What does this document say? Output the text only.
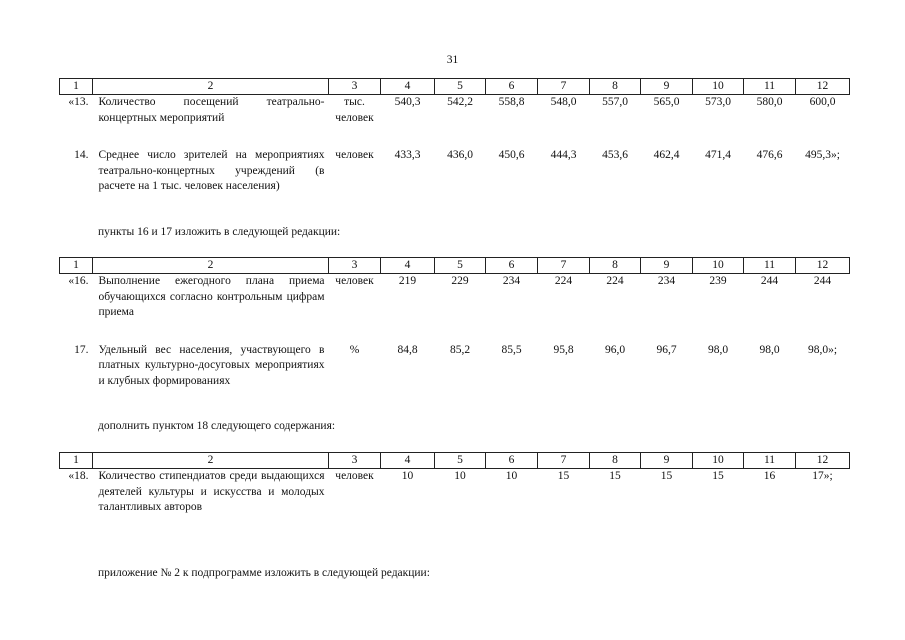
31
1	2	3	4	5	6	7	8	9	10	11	12
«13.	Количество посещений театрально-концертных мероприятий	тыс. человек	540,3	542,2	558,8	548,0	557,0	565,0	573,0	580,0	600,0

14.	Среднее число зрителей на мероприятиях театрально-концертных учреждений (в расчете на 1 тыс. человек населения)	человек	433,3	436,0	450,6	444,3	453,6	462,4	471,4	476,6	495,3»;
пункты 16 и 17 изложить в следующей редакции:
1	2	3	4	5	6	7	8	9	10	11	12
«16.	Выполнение ежегодного плана приема обучающихся согласно контрольным цифрам приема	человек	219	229	234	224	224	234	239	244	244

17.	Удельный вес населения, участвующего в платных культурно-досуговых мероприятиях и клубных формированиях	%	84,8	85,2	85,5	95,8	96,0	96,7	98,0	98,0	98,0»;
дополнить пунктом 18 следующего содержания:
1	2	3	4	5	6	7	8	9	10	11	12
«18.	Количество стипендиатов среди выдающихся деятелей культуры и искусства и молодых талантливых авторов	человек	10	10	10	15	15	15	15	16	17»;
приложение № 2 к подпрограмме изложить в следующей редакции:
